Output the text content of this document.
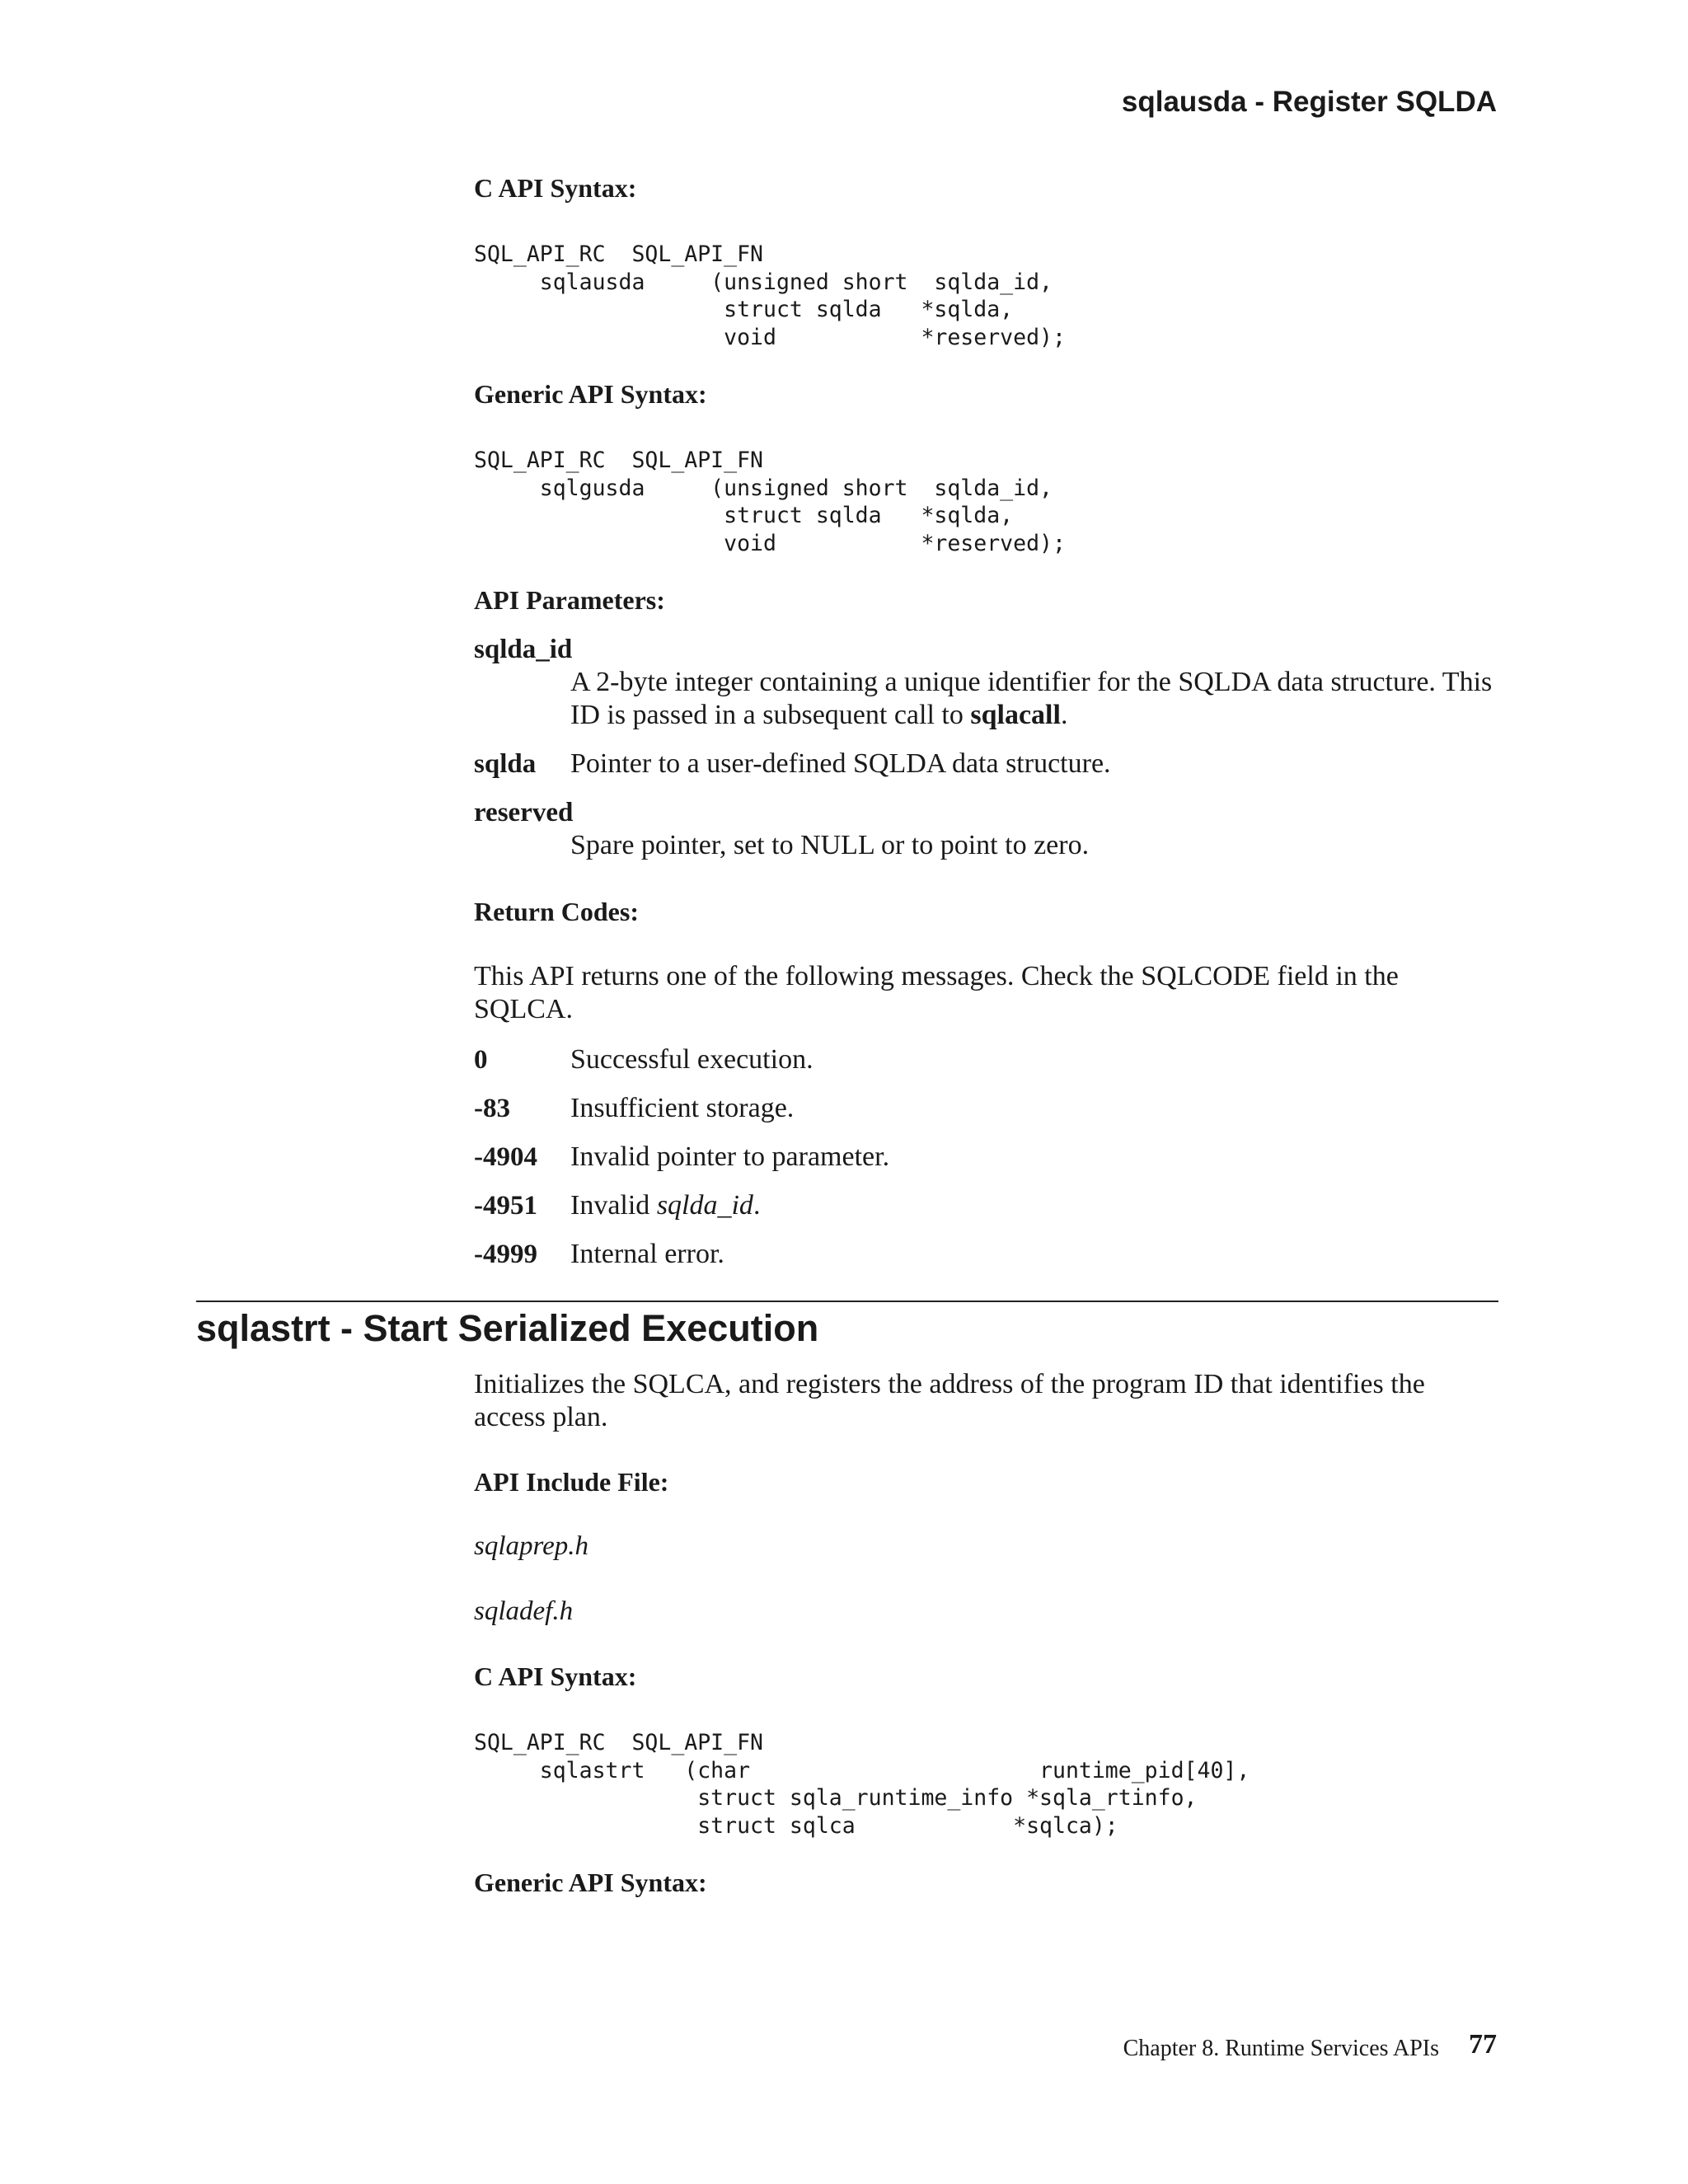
sqlausda - Register SQLDA
C API Syntax:
SQL_API_RC  SQL_API_FN
sqlausda     (unsigned short  sqlda_id,
struct sqlda   *sqlda,
void           *reserved);
Generic API Syntax:
SQL_API_RC  SQL_API_FN
sqlgusda     (unsigned short  sqlda_id,
struct sqlda   *sqlda,
void           *reserved);
API Parameters:
sqlda_id
A 2-byte integer containing a unique identifier for the SQLDA data structure. This ID is passed in a subsequent call to sqlacall.
sqlda Pointer to a user-defined SQLDA data structure.
reserved
Spare pointer, set to NULL or to point to zero.
Return Codes:
This API returns one of the following messages. Check the SQLCODE field in the SQLCA.
0	Successful execution.
-83 Insufficient storage.
-4904 Invalid pointer to parameter.
-4951 Invalid sqlda_id.
-4999 Internal error.
sqlastrt - Start Serialized Execution
Initializes the SQLCA, and registers the address of the program ID that identifies the access plan.
API Include File:
sqlaprep.h
sqladef.h
C API Syntax:
SQL_API_RC  SQL_API_FN
sqlastrt   (char                      runtime_pid[40],
struct sqla_runtime_info *sqla_rtinfo,
struct sqlca            *sqlca);
Generic API Syntax:
Chapter 8. Runtime Services APIs 77
